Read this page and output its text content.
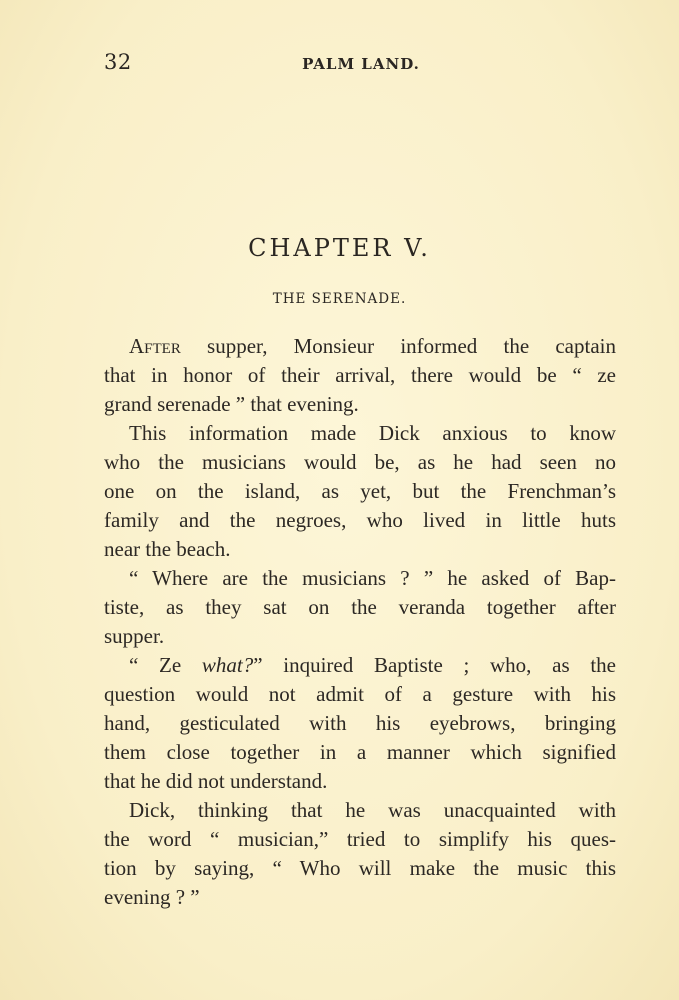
32	PALM LAND.
CHAPTER V.
THE SERENADE.
After supper, Monsieur informed the captain
that in honor of their arrival, there would be “ ze
grand serenade ” that evening.
This information made Dick anxious to know
who the musicians would be, as he had seen no
one on the island, as yet, but the Frenchman’s
family and the negroes, who lived in little huts
near the beach.
“ Where are the musicians ? ” he asked of Bap-
tiste, as they sat on the veranda together after
supper.
“ Ze what?” inquired Baptiste ; who, as the
question would not admit of a gesture with his
hand, gesticulated with his eyebrows, bringing
them close together in a manner which signified
that he did not understand.
Dick, thinking that he was unacquainted with
the word “ musician,” tried to simplify his ques-
tion by saying, “ Who will make the music this
evening ? ”
